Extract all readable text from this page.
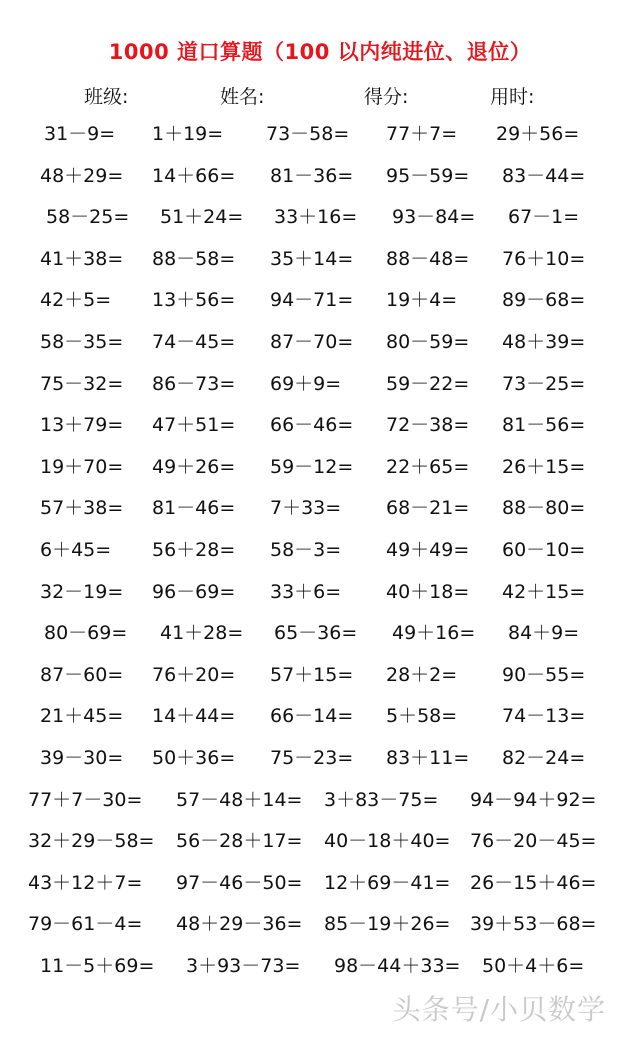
1000 道口算题（100 以内纯进位、退位）
班级:	姓名:	得分:	用时:
31－9= 1＋19= 73－58= 77＋7= 29＋56=
48＋29= 14＋66= 81－36= 95－59= 83－44=
58－25= 51＋24= 33＋16= 93－84= 67－1=
41＋38= 88－58= 35＋14= 88－48= 76＋10=
42＋5= 13＋56= 94－71= 19＋4= 89－68=
58－35= 74－45= 87－70= 80－59= 48＋39=
75－32= 86－73= 69＋9= 59－22= 73－25=
13＋79= 47＋51= 66－46= 72－38= 81－56=
19＋70= 49＋26= 59－12= 22＋65= 26＋15=
57＋38= 81－46= 7＋33= 68－21= 88－80=
6＋45= 56＋28= 58－3= 49＋49= 60－10=
32－19= 96－69= 33＋6= 40＋18= 42＋15=
80－69= 41＋28= 65－36= 49＋16= 84＋9=
87－60= 76＋20= 57＋15= 28＋2= 90－55=
21＋45= 14＋44= 66－14= 5＋58= 74－13=
39－30= 50＋36= 75－23= 83＋11= 82－24=
77＋7－30= 57－48＋14= 3＋83－75= 94－94＋92=
32＋29－58= 56－28＋17= 40－18＋40= 76－20－45=
43＋12＋7= 97－46－50= 12＋69－41= 26－15＋46=
79－61－4= 48＋29－36= 85－19＋26= 39＋53－68=
11－5＋69= 3＋93－73= 98－44＋33= 50＋4＋6=
头条号/小贝数学
